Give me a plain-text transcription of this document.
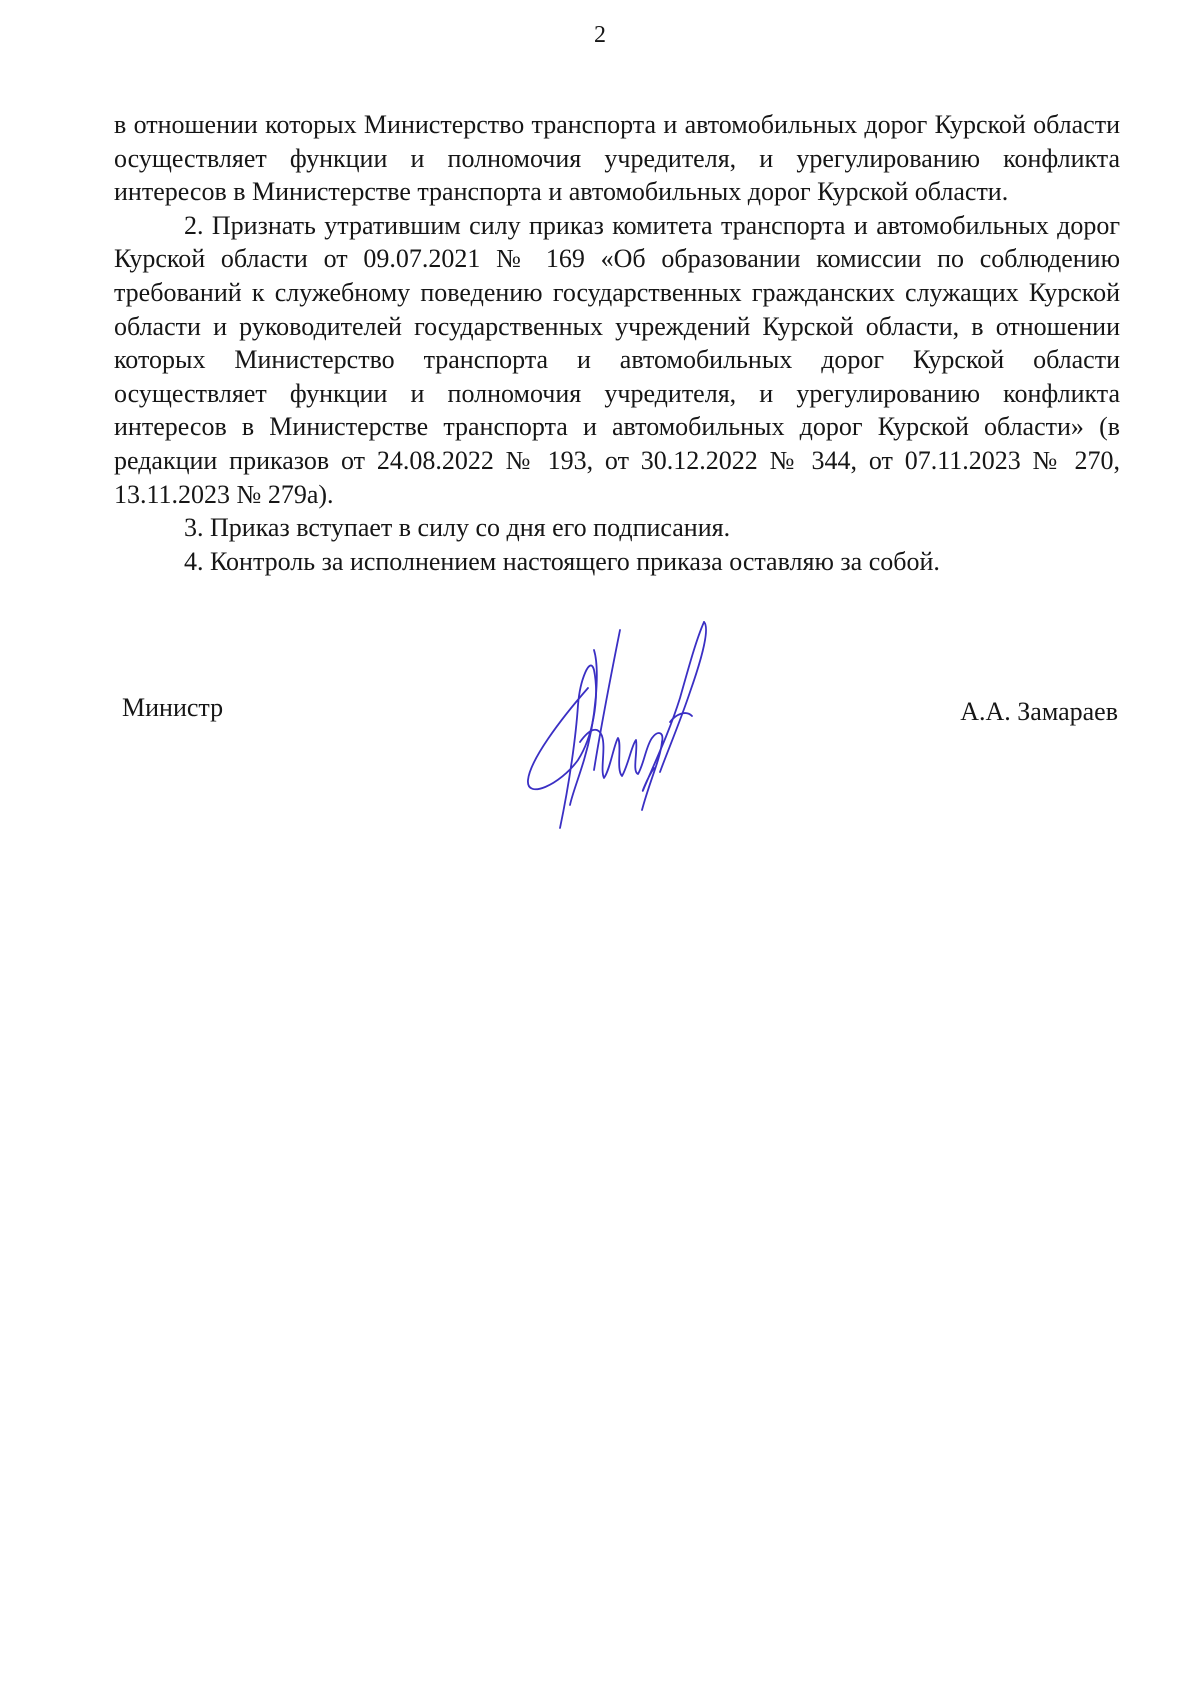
2

в отношении которых Министерство транспорта и автомобильных дорог Курской области осуществляет функции и полномочия учредителя, и урегулированию конфликта интересов в Министерстве транспорта и автомобильных дорог Курской области.

2. Признать утратившим силу приказ комитета транспорта и автомобильных дорог Курской области от 09.07.2021 № 169 «Об образовании комиссии по соблюдению требований к служебному поведению государственных гражданских служащих Курской области и руководителей государственных учреждений Курской области, в отношении которых Министерство транспорта и автомобильных дорог Курской области осуществляет функции и полномочия учредителя, и урегулированию конфликта интересов в Министерстве транспорта и автомобильных дорог Курской области» (в редакции приказов от 24.08.2022 № 193, от 30.12.2022 № 344, от 07.11.2023 № 270, 13.11.2023 № 279а).

3. Приказ вступает в силу со дня его подписания.

4. Контроль за исполнением настоящего приказа оставляю за собой.

Министр	А.А. Замараев
